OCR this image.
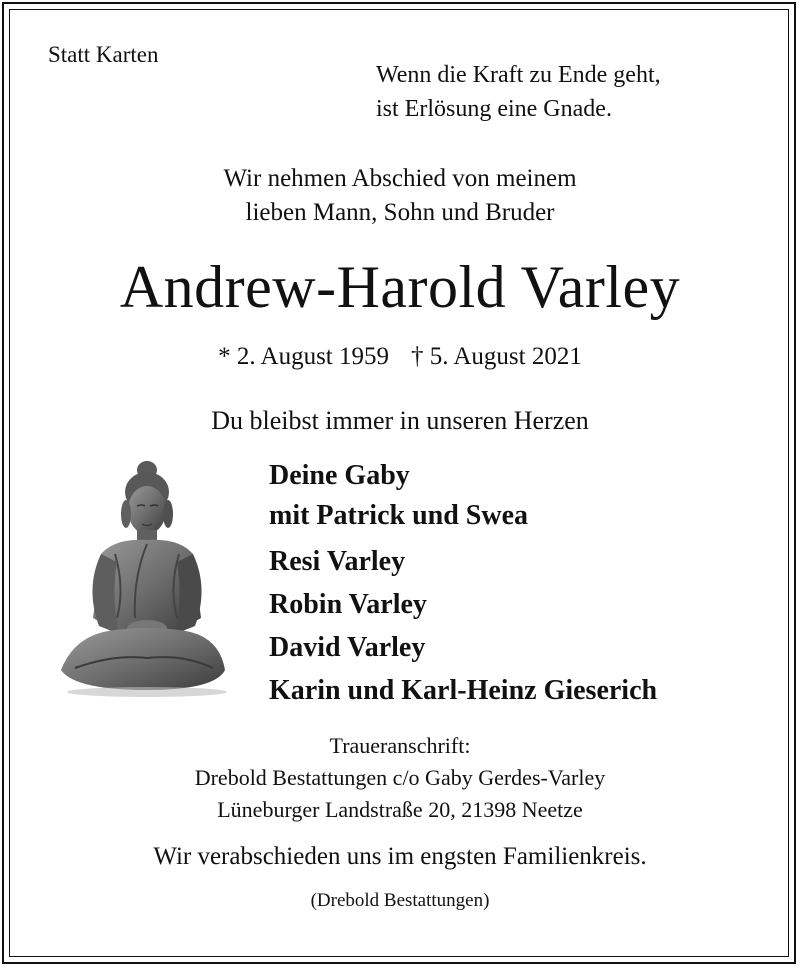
Statt Karten

Wenn die Kraft zu Ende geht,
ist Erlösung eine Gnade.
Wir nehmen Abschied von meinem
lieben Mann, Sohn und Bruder
Andrew-Harold Varley
* 2. August 1959 † 5. August 2021

Du bleibst immer in unseren Herzen

Deine Gaby
mit Patrick und Swea
Resi Varley
Robin Varley
David Varley
Karin und Karl-Heinz Gieserich
Traueranschrift:
Drebold Bestattungen c/o Gaby Gerdes-Varley
Lüneburger Landstraße 20, 21398 Neetze

Wir verabschieden uns im engsten Familienkreis.

(Drebold Bestattungen)
